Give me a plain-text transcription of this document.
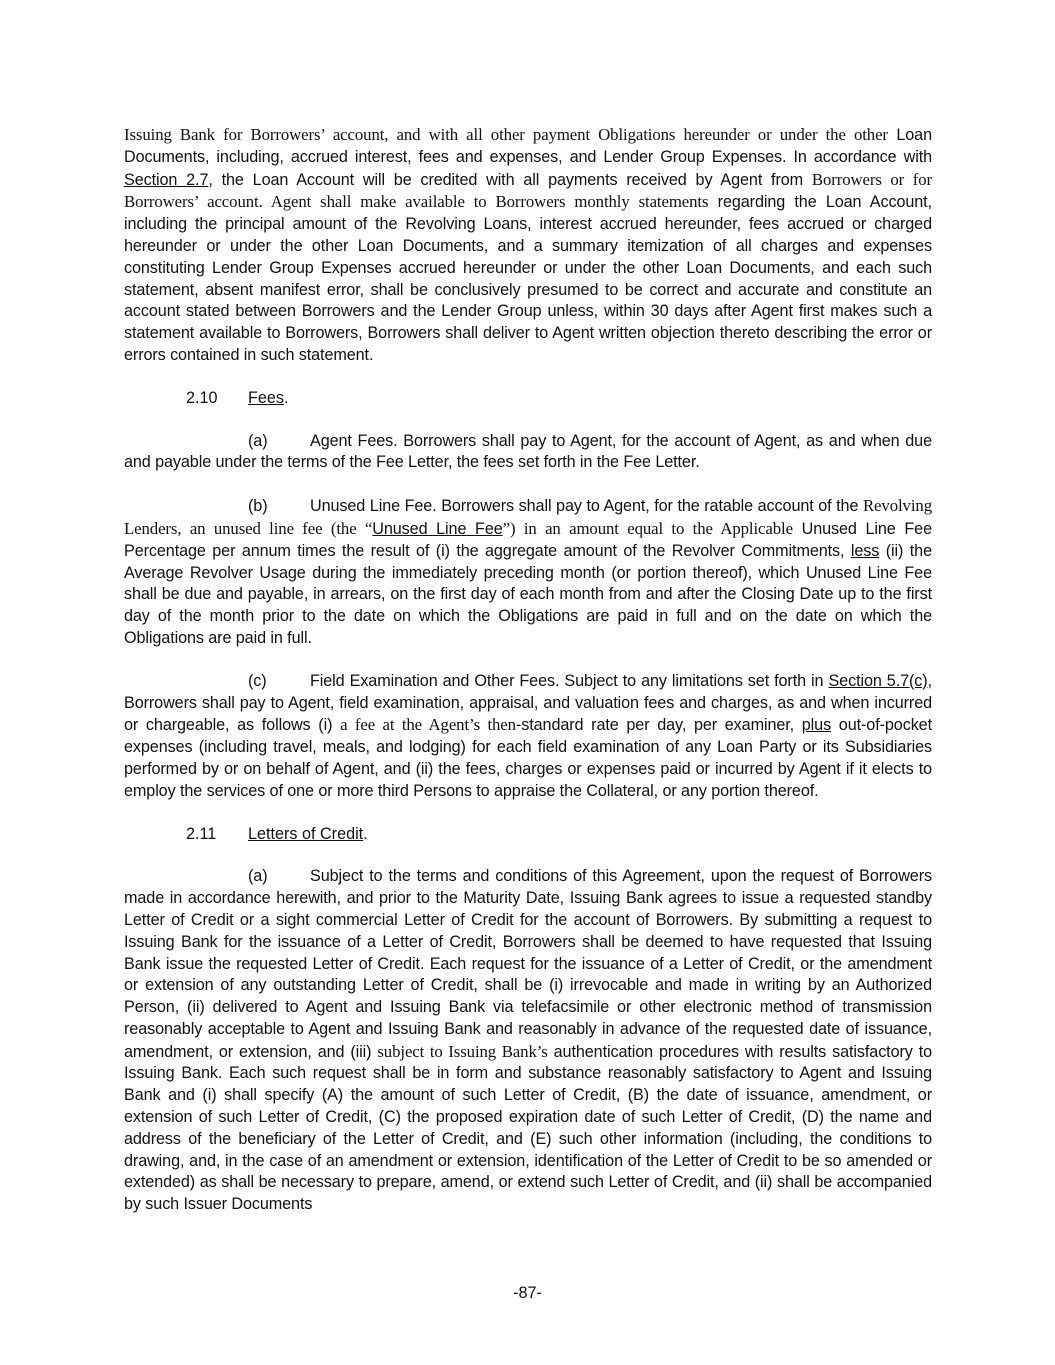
Issuing Bank for Borrowers’ account, and with all other payment Obligations hereunder or under the other Loan Documents, including, accrued interest, fees and expenses, and Lender Group Expenses. In accordance with Section 2.7, the Loan Account will be credited with all payments received by Agent from Borrowers or for Borrowers’ account. Agent shall make available to Borrowers monthly statements regarding the Loan Account, including the principal amount of the Revolving Loans, interest accrued hereunder, fees accrued or charged hereunder or under the other Loan Documents, and a summary itemization of all charges and expenses constituting Lender Group Expenses accrued hereunder or under the other Loan Documents, and each such statement, absent manifest error, shall be conclusively presumed to be correct and accurate and constitute an account stated between Borrowers and the Lender Group unless, within 30 days after Agent first makes such a statement available to Borrowers, Borrowers shall deliver to Agent written objection thereto describing the error or errors contained in such statement.

2.10 Fees.

(a)	Agent Fees. Borrowers shall pay to Agent, for the account of Agent, as and when due and payable under the terms of the Fee Letter, the fees set forth in the Fee Letter.

(b)	Unused Line Fee. Borrowers shall pay to Agent, for the ratable account of the Revolving Lenders, an unused line fee (the “Unused Line Fee”) in an amount equal to the Applicable Unused Line Fee Percentage per annum times the result of (i) the aggregate amount of the Revolver Commitments, less (ii) the Average Revolver Usage during the immediately preceding month (or portion thereof), which Unused Line Fee shall be due and payable, in arrears, on the first day of each month from and after the Closing Date up to the first day of the month prior to the date on which the Obligations are paid in full and on the date on which the Obligations are paid in full.

(c)	Field Examination and Other Fees. Subject to any limitations set forth in Section 5.7(c), Borrowers shall pay to Agent, field examination, appraisal, and valuation fees and charges, as and when incurred or chargeable, as follows (i) a fee at the Agent’s then-standard rate per day, per examiner, plus out-of-pocket expenses (including travel, meals, and lodging) for each field examination of any Loan Party or its Subsidiaries performed by or on behalf of Agent, and (ii) the fees, charges or expenses paid or incurred by Agent if it elects to employ the services of one or more third Persons to appraise the Collateral, or any portion thereof.

2.11 Letters of Credit.

(a)	Subject to the terms and conditions of this Agreement, upon the request of Borrowers made in accordance herewith, and prior to the Maturity Date, Issuing Bank agrees to issue a requested standby Letter of Credit or a sight commercial Letter of Credit for the account of Borrowers. By submitting a request to Issuing Bank for the issuance of a Letter of Credit, Borrowers shall be deemed to have requested that Issuing Bank issue the requested Letter of Credit. Each request for the issuance of a Letter of Credit, or the amendment or extension of any outstanding Letter of Credit, shall be (i) irrevocable and made in writing by an Authorized Person, (ii) delivered to Agent and Issuing Bank via telefacsimile or other electronic method of transmission reasonably acceptable to Agent and Issuing Bank and reasonably in advance of the requested date of issuance, amendment, or extension, and (iii) subject to Issuing Bank’s authentication procedures with results satisfactory to Issuing Bank. Each such request shall be in form and substance reasonably satisfactory to Agent and Issuing Bank and (i) shall specify (A) the amount of such Letter of Credit, (B) the date of issuance, amendment, or extension of such Letter of Credit, (C) the proposed expiration date of such Letter of Credit, (D) the name and address of the beneficiary of the Letter of Credit, and (E) such other information (including, the conditions to drawing, and, in the case of an amendment or extension, identification of the Letter of Credit to be so amended or extended) as shall be necessary to prepare, amend, or extend such Letter of Credit, and (ii) shall be accompanied by such Issuer Documents

-87-
